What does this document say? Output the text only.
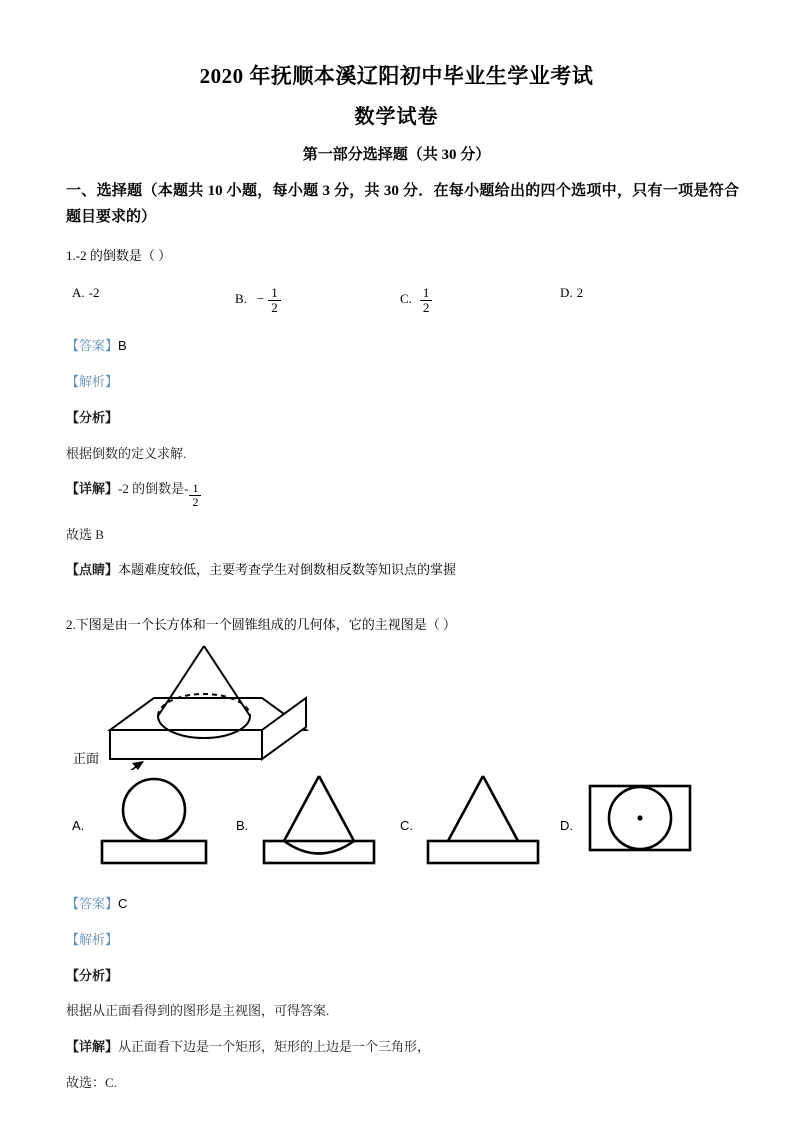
2020 年抚顺本溪辽阳初中毕业生学业考试
数学试卷
第一部分选择题（共 30 分）
一、选择题（本题共 10 小题，每小题 3 分，共 30 分．在每小题给出的四个选项中，只有一项是符合题目要求的）
1.-2 的倒数是（ ）
A. -2	B. − $\frac{1}{2}$	C. $\frac{1}{2}$	D. 2
【答案】 B
【解析】
【分析】
根据倒数的定义求解.
【详解】 -2 的倒数是- $\frac{1}{2}$
故选 B
【点睛】 本题难度较低，主要考查学生对倒数相反数等知识点的掌握
2.下图是由一个长方体和一个圆锥组成的几何体，它的主视图是（ ）
正面
A.	B.	C.	D.
【答案】 C
【解析】
【分析】
根据从正面看得到的图形是主视图，可得答案.
【详解】 从正面看下边是一个矩形，矩形的上边是一个三角形，
故选：C.
